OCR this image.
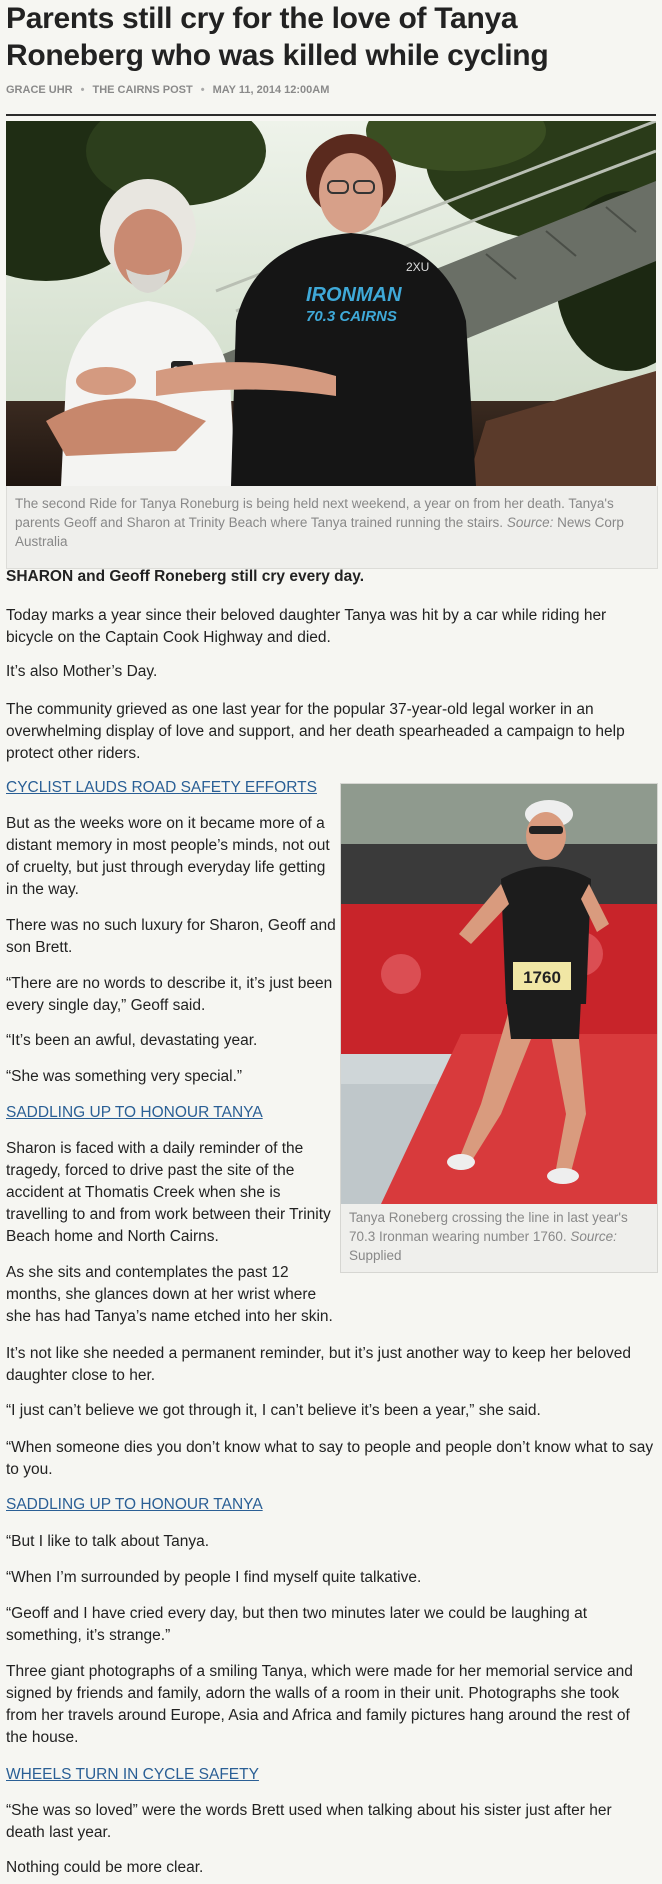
Parents still cry for the love of Tanya Roneberg who was killed while cycling
GRACE UHR • THE CAIRNS POST • MAY 11, 2014 12:00AM
IRONMAN
70.3 CAIRNS
2XU
The second Ride for Tanya Roneburg is being held next weekend, a year on from her death. Tanya's parents Geoff and Sharon at Trinity Beach where Tanya trained running the stairs. Source: News Corp Australia

SHARON and Geoff Roneberg still cry every day.

Today marks a year since their beloved daughter Tanya was hit by a car while riding her bicycle on the Captain Cook Highway and died.

It’s also Mother’s Day.

The community grieved as one last year for the popular 37-year-old legal worker in an overwhelming display of love and support, and her death spearheaded a campaign to help protect other riders.

CYCLIST LAUDS ROAD SAFETY EFFORTS

But as the weeks wore on it became more of a distant memory in most people’s minds, not out of cruelty, but just through everyday life getting in the way.

There was no such luxury for Sharon, Geoff and son Brett.

“There are no words to describe it, it’s just been every single day,” Geoff said.

“It’s been an awful, devastating year.

“She was something very special.”

SADDLING UP TO HONOUR TANYA

Sharon is faced with a daily reminder of the tragedy, forced to drive past the site of the accident at Thomatis Creek when she is travelling to and from work between their Trinity Beach home and North Cairns.

As she sits and contemplates the past 12 months, she glances down at her wrist where she has had Tanya’s name etched into her skin.

It’s not like she needed a permanent reminder, but it’s just another way to keep her beloved daughter close to her.

“I just can’t believe we got through it, I can’t believe it’s been a year,” she said.

“When someone dies you don’t know what to say to people and people don’t know what to say to you.

SADDLING UP TO HONOUR TANYA

“But I like to talk about Tanya.

“When I’m surrounded by people I find myself quite talkative.

“Geoff and I have cried every day, but then two minutes later we could be laughing at something, it’s strange.”

Three giant photographs of a smiling Tanya, which were made for her memorial service and signed by friends and family, adorn the walls of a room in their unit. Photographs she took from her travels around Europe, Asia and Africa and family pictures hang around the rest of the house.

WHEELS TURN IN CYCLE SAFETY

“She was so loved” were the words Brett used when talking about his sister just after her death last year.

Nothing could be more clear.

1760
Tanya Roneberg crossing the line in last year's 70.3 Ironman wearing number 1760. Source: Supplied
